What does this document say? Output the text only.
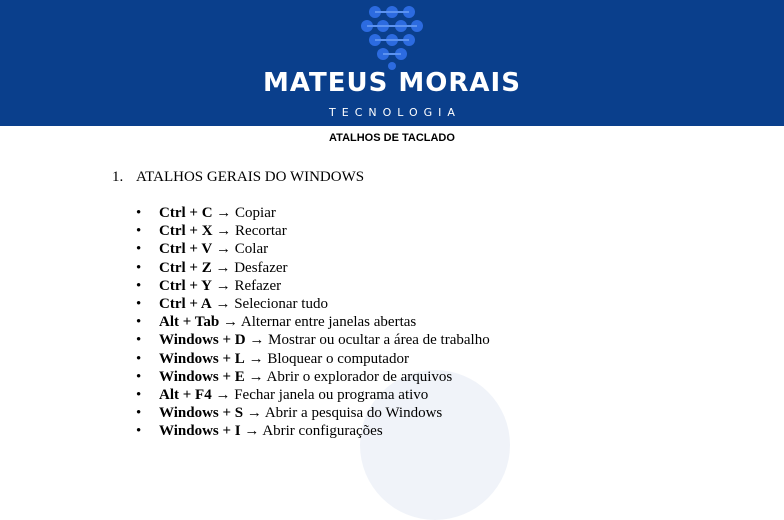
MATEUS MORAIS
TECNOLOGIA
ATALHOS DE TACLADO
1. ATALHOS GERAIS DO WINDOWS
• Ctrl + C → Copiar
• Ctrl + X → Recortar
• Ctrl + V → Colar
• Ctrl + Z → Desfazer
• Ctrl + Y → Refazer
• Ctrl + A → Selecionar tudo
• Alt + Tab → Alternar entre janelas abertas
• Windows + D → Mostrar ou ocultar a área de trabalho
• Windows + L → Bloquear o computador
• Windows + E → Abrir o explorador de arquivos
• Alt + F4 → Fechar janela ou programa ativo
• Windows + S → Abrir a pesquisa do Windows
• Windows + I → Abrir configurações
